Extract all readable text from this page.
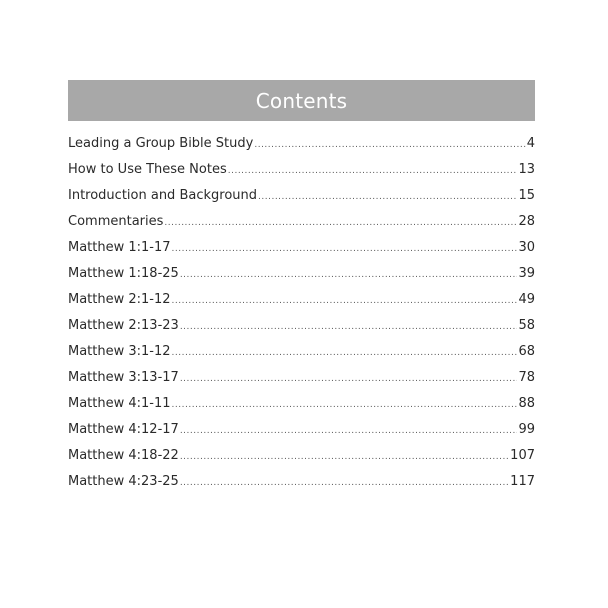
Contents
Leading a Group Bible Study .....	4
How to Use These Notes .....	13
Introduction and Background .....	15
Commentaries .....	28
Matthew 1:1-17 .....	30
Matthew 1:18-25 .....	39
Matthew 2:1-12 .....	49
Matthew 2:13-23 .....	58
Matthew 3:1-12 .....	68
Matthew 3:13-17 .....	78
Matthew 4:1-11 .....	88
Matthew 4:12-17 .....	99
Matthew 4:18-22 .....	107
Matthew 4:23-25 .....	117
